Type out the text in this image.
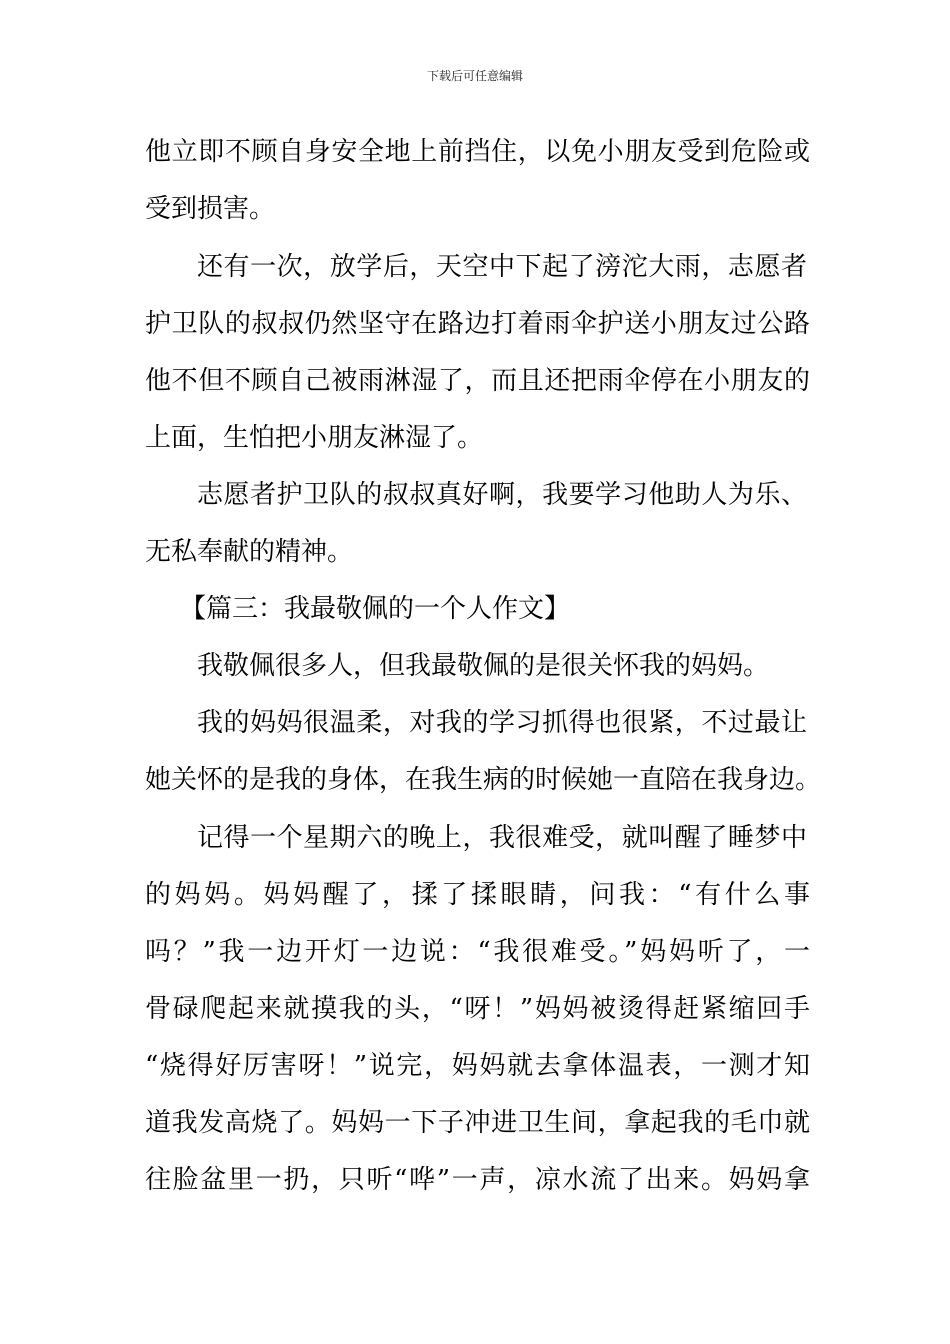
下载后可任意编辑
他立即不顾自身安全地上前挡住，以免小朋友受到危险或
受到损害。
还有一次，放学后，天空中下起了滂沱大雨，志愿者
护卫队的叔叔仍然坚守在路边打着雨伞护送小朋友过公路
他不但不顾自己被雨淋湿了，而且还把雨伞停在小朋友的
上面，生怕把小朋友淋湿了。
志愿者护卫队的叔叔真好啊，我要学习他助人为乐、
无私奉献的精神。
【篇三：我最敬佩的一个人作文】
我敬佩很多人，但我最敬佩的是很关怀我的妈妈。
我的妈妈很温柔，对我的学习抓得也很紧，不过最让
她关怀的是我的身体，在我生病的时候她一直陪在我身边。
记得一个星期六的晚上，我很难受，就叫醒了睡梦中
的妈妈。妈妈醒了，揉了揉眼睛，问我：“有什么事
吗？”我一边开灯一边说：“我很难受。”妈妈听了，一
骨碌爬起来就摸我的头，“呀！”妈妈被烫得赶紧缩回手
“烧得好厉害呀！”说完，妈妈就去拿体温表，一测才知
道我发高烧了。妈妈一下子冲进卫生间，拿起我的毛巾就
往脸盆里一扔，只听“哗”一声，凉水流了出来。妈妈拿
